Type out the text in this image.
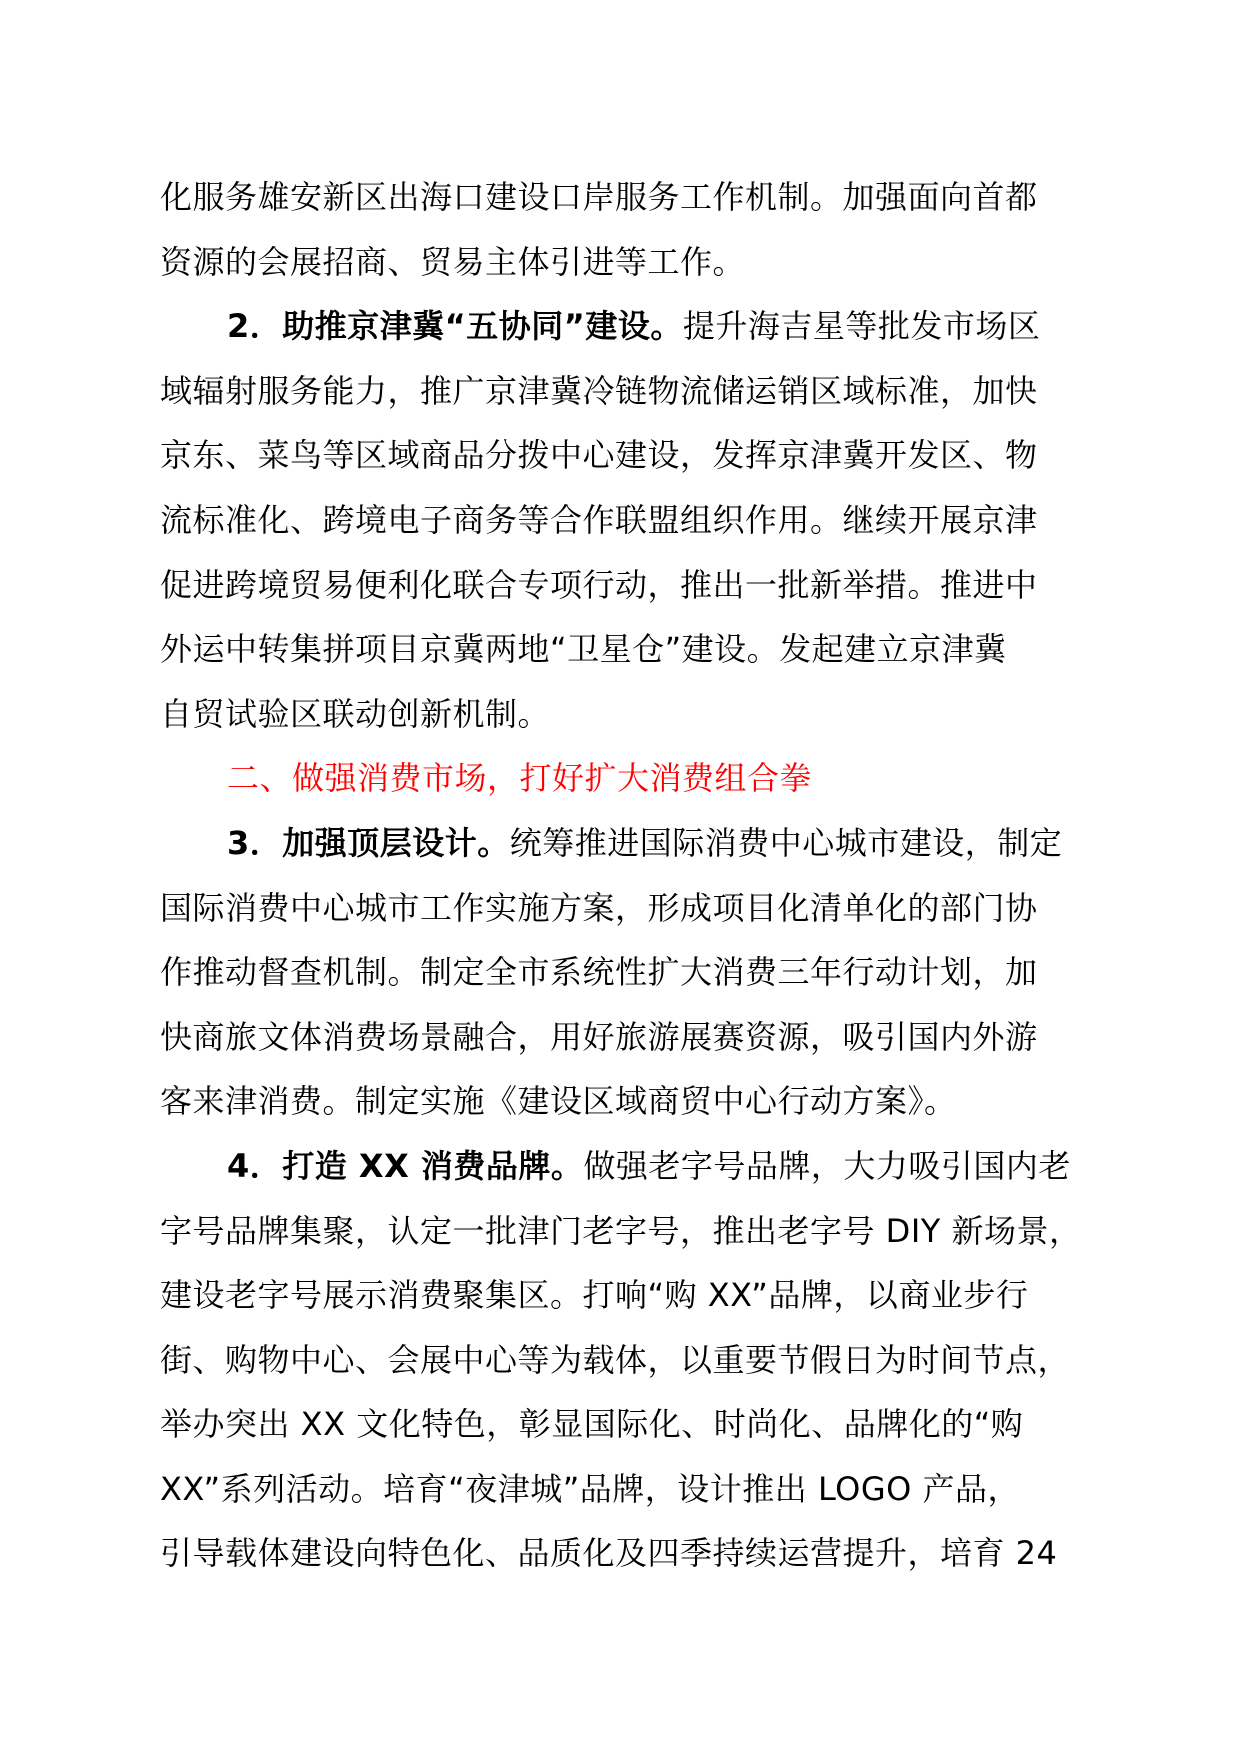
化服务雄安新区出海口建设口岸服务工作机制。加强面向首都
资源的会展招商、贸易主体引进等工作。
2．助推京津冀“五协同”建设。提升海吉星等批发市场区
域辐射服务能力，推广京津冀冷链物流储运销区域标准，加快
京东、菜鸟等区域商品分拨中心建设，发挥京津冀开发区、物
流标准化、跨境电子商务等合作联盟组织作用。继续开展京津
促进跨境贸易便利化联合专项行动，推出一批新举措。推进中
外运中转集拼项目京冀两地“卫星仓”建设。发起建立京津冀
自贸试验区联动创新机制。
二、做强消费市场，打好扩大消费组合拳
3．加强顶层设计。统筹推进国际消费中心城市建设，制定
国际消费中心城市工作实施方案，形成项目化清单化的部门协
作推动督查机制。制定全市系统性扩大消费三年行动计划，加
快商旅文体消费场景融合，用好旅游展赛资源，吸引国内外游
客来津消费。制定实施《建设区域商贸中心行动方案》。
4．打造 XX 消费品牌。做强老字号品牌，大力吸引国内老
字号品牌集聚，认定一批津门老字号，推出老字号 DIY 新场景，
建设老字号展示消费聚集区。打响“购 XX”品牌，以商业步行
街、购物中心、会展中心等为载体，以重要节假日为时间节点，
举办突出 XX 文化特色，彰显国际化、时尚化、品牌化的“购
XX”系列活动。培育“夜津城”品牌，设计推出 LOGO 产品，
引导载体建设向特色化、品质化及四季持续运营提升，培育 24
